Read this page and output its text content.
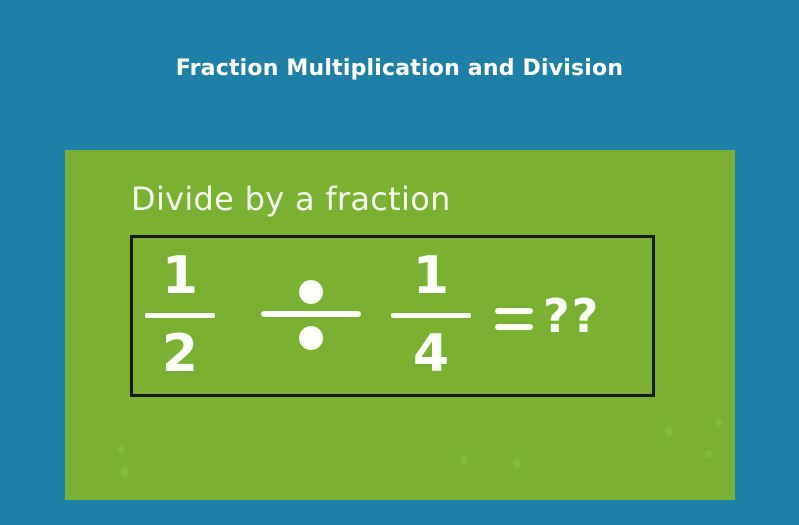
Fraction Multiplication and Division
Divide by a fraction
1
2
1
4
??
